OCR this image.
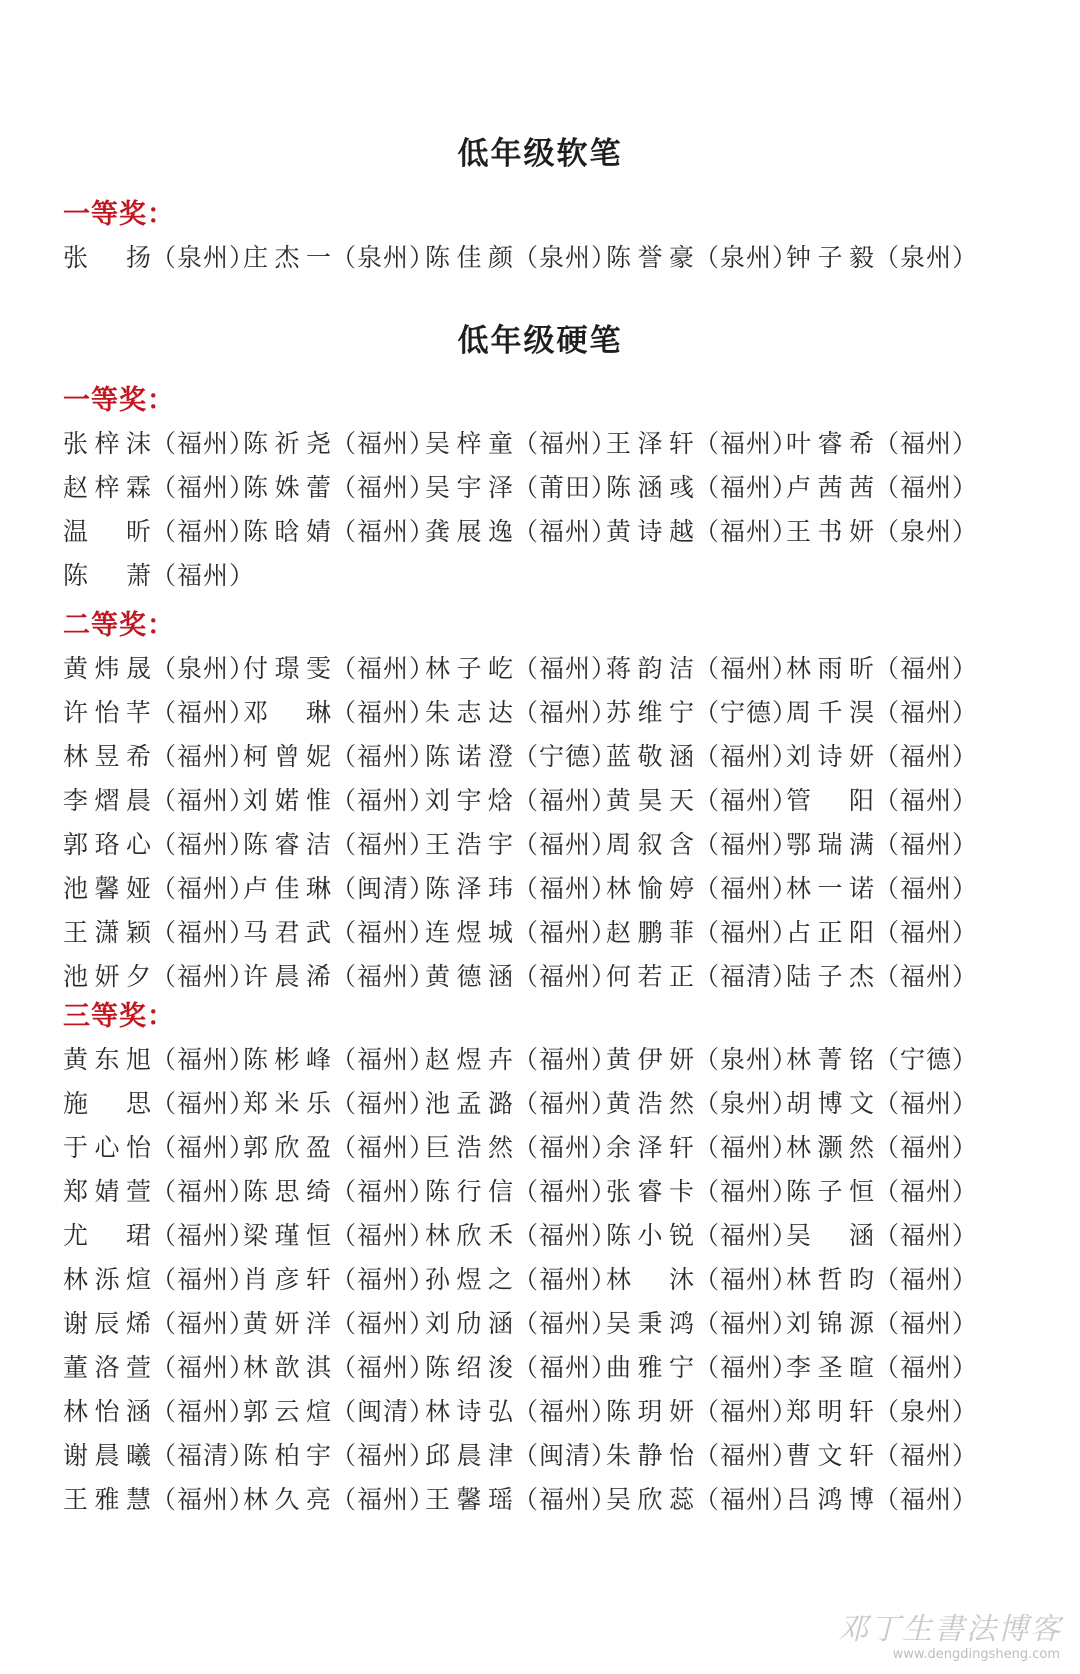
低年级软笔
一等奖：
张　扬（泉州）
庄杰一（泉州）
陈佳颜（泉州）
陈誉豪（泉州）
钟子毅（泉州）
低年级硬笔
一等奖：
张梓沫（福州）
陈祈尧（福州）
吴梓童（福州）
王泽轩（福州）
叶睿希（福州）
赵梓霖（福州）
陈姝蕾（福州）
吴宇泽（莆田）
陈涵彧（福州）
卢茜茜（福州）
温　昕（福州）
陈晗婧（福州）
龚展逸（福州）
黄诗越（福州）
王书妍（泉州）
陈　萧（福州）
二等奖：
黄炜晟（泉州）
付璟雯（福州）
林子屹（福州）
蒋韵洁（福州）
林雨昕（福州）
许怡芊（福州）
邓　琳（福州）
朱志达（福州）
苏维宁（宁德）
周千淏（福州）
林昱希（福州）
柯曾妮（福州）
陈诺澄（宁德）
蓝敬涵（福州）
刘诗妍（福州）
李熠晨（福州）
刘婼惟（福州）
刘宇焓（福州）
黄昊天（福州）
管　阳（福州）
郭珞心（福州）
陈睿洁（福州）
王浩宇（福州）
周叙含（福州）
鄂瑞满（福州）
池馨娅（福州）
卢佳琳（闽清）
陈泽玮（福州）
林愉婷（福州）
林一诺（福州）
王潇颖（福州）
马君武（福州）
连煜城（福州）
赵鹏菲（福州）
占正阳（福州）
池妍夕（福州）
许晨浠（福州）
黄德涵（福州）
何若正（福清）
陆子杰（福州）
三等奖：
黄东旭（福州）
陈彬峰（福州）
赵煜卉（福州）
黄伊妍（泉州）
林菁铭（宁德）
施　思（福州）
郑米乐（福州）
池孟潞（福州）
黄浩然（泉州）
胡博文（福州）
于心怡（福州）
郭欣盈（福州）
巨浩然（福州）
余泽轩（福州）
林灏然（福州）
郑婧萱（福州）
陈思绮（福州）
陈行信（福州）
张睿卡（福州）
陈子恒（福州）
尤　珺（福州）
梁瑾恒（福州）
林欣禾（福州）
陈小锐（福州）
吴　涵（福州）
林泺煊（福州）
肖彦轩（福州）
孙煜之（福州）
林　沐（福州）
林哲昀（福州）
谢辰烯（福州）
黄妍洋（福州）
刘劤涵（福州）
吴秉鸿（福州）
刘锦源（福州）
董洛萱（福州）
林歆淇（福州）
陈绍浚（福州）
曲雅宁（福州）
李圣暄（福州）
林怡涵（福州）
郭云煊（闽清）
林诗弘（福州）
陈玥妍（福州）
郑明轩（泉州）
谢晨曦（福清）
陈柏宇（福州）
邱晨津（闽清）
朱静怡（福州）
曹文轩（福州）
王雅慧（福州）
林久亮（福州）
王馨瑶（福州）
吴欣蕊（福州）
吕鸿博（福州）
邓丁生書法博客
www.dengdingsheng.com
